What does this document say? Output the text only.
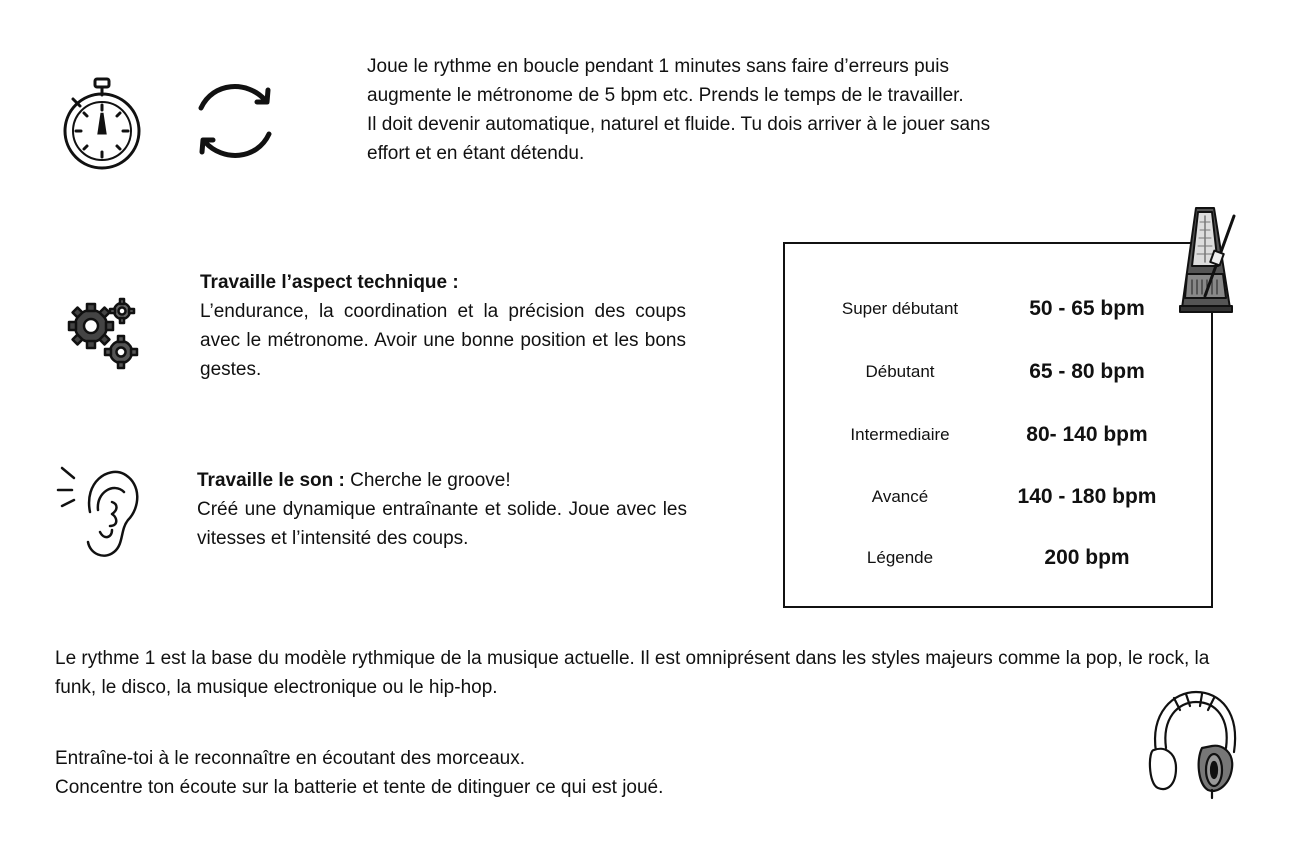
Joue le rythme en boucle pendant 1 minutes sans faire d’erreurs puis
augmente le métronome de 5 bpm etc. Prends le temps de le travailler.
Il doit devenir automatique, naturel et fluide. Tu dois arriver à le jouer sans
effort et en étant détendu.

Travaille l’aspect technique :
L’endurance, la coordination et la précision des coups avec le métronome. Avoir une bonne position et les bons gestes.

Travaille le son : Cherche le groove!
Créé une dynamique entraînante et solide. Joue avec les vitesses et l’intensité des coups.

Super débutant	50 - 65 bpm
Débutant	65 - 80 bpm
Intermediaire	80- 140 bpm
Avancé	140 - 180 bpm
Légende	200 bpm

Le rythme 1 est la base du modèle rythmique de la musique actuelle. Il est omniprésent dans les styles majeurs comme la pop, le rock, la funk, le disco, la musique electronique ou le hip-hop.

Entraîne-toi à le reconnaître en écoutant des morceaux.
Concentre ton écoute sur la batterie et tente de ditinguer ce qui est joué.
